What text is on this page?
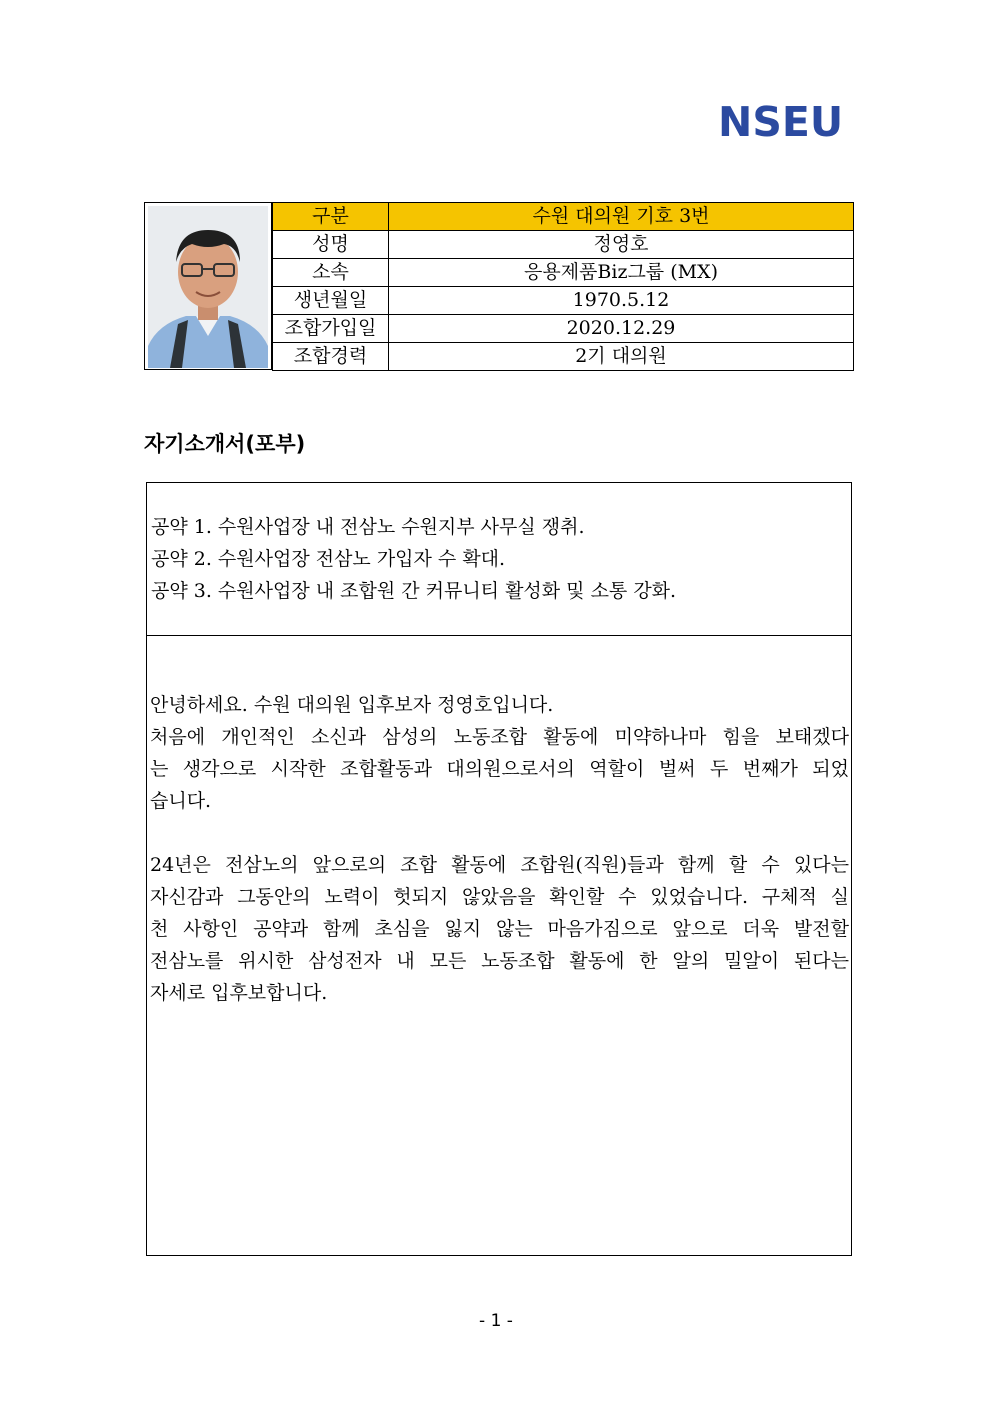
NSEU
구분	수원 대의원 기호 3번
성명	정영호
소속	응용제품Biz그룹 (MX)
생년월일	1970.5.12
조합가입일	2020.12.29
조합경력	2기 대의원
자기소개서(포부)
공약 1. 수원사업장 내 전삼노 수원지부 사무실 쟁취.
공약 2. 수원사업장 전삼노 가입자 수 확대.
공약 3. 수원사업장 내 조합원 간 커뮤니티 활성화 및 소통 강화.
안녕하세요. 수원 대의원 입후보자 정영호입니다.
처음에 개인적인 소신과 삼성의 노동조합 활동에 미약하나마 힘을 보태겠다
는 생각으로 시작한 조합활동과 대의원으로서의 역할이 벌써 두 번째가 되었
습니다.
24년은 전삼노의 앞으로의 조합 활동에 조합원(직원)들과 함께 할 수 있다는
자신감과 그동안의 노력이 헛되지 않았음을 확인할 수 있었습니다. 구체적 실
천 사항인 공약과 함께 초심을 잃지 않는 마음가짐으로 앞으로 더욱 발전할
전삼노를 위시한 삼성전자 내 모든 노동조합 활동에 한 알의 밀알이 된다는
자세로 입후보합니다.
- 1 -
